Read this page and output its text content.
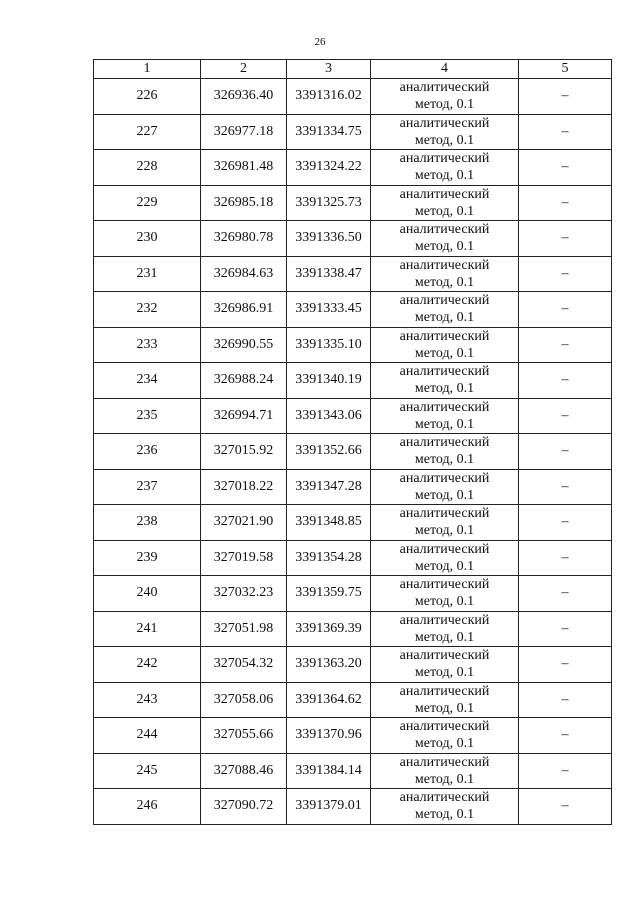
26
1	2	3	4	5
226	326936.40	3391316.02	аналитический
метод, 0.1	–
227	326977.18	3391334.75	аналитический
метод, 0.1	–
228	326981.48	3391324.22	аналитический
метод, 0.1	–
229	326985.18	3391325.73	аналитический
метод, 0.1	–
230	326980.78	3391336.50	аналитический
метод, 0.1	–
231	326984.63	3391338.47	аналитический
метод, 0.1	–
232	326986.91	3391333.45	аналитический
метод, 0.1	–
233	326990.55	3391335.10	аналитический
метод, 0.1	–
234	326988.24	3391340.19	аналитический
метод, 0.1	–
235	326994.71	3391343.06	аналитический
метод, 0.1	–
236	327015.92	3391352.66	аналитический
метод, 0.1	–
237	327018.22	3391347.28	аналитический
метод, 0.1	–
238	327021.90	3391348.85	аналитический
метод, 0.1	–
239	327019.58	3391354.28	аналитический
метод, 0.1	–
240	327032.23	3391359.75	аналитический
метод, 0.1	–
241	327051.98	3391369.39	аналитический
метод, 0.1	–
242	327054.32	3391363.20	аналитический
метод, 0.1	–
243	327058.06	3391364.62	аналитический
метод, 0.1	–
244	327055.66	3391370.96	аналитический
метод, 0.1	–
245	327088.46	3391384.14	аналитический
метод, 0.1	–
246	327090.72	3391379.01	аналитический
метод, 0.1	–
